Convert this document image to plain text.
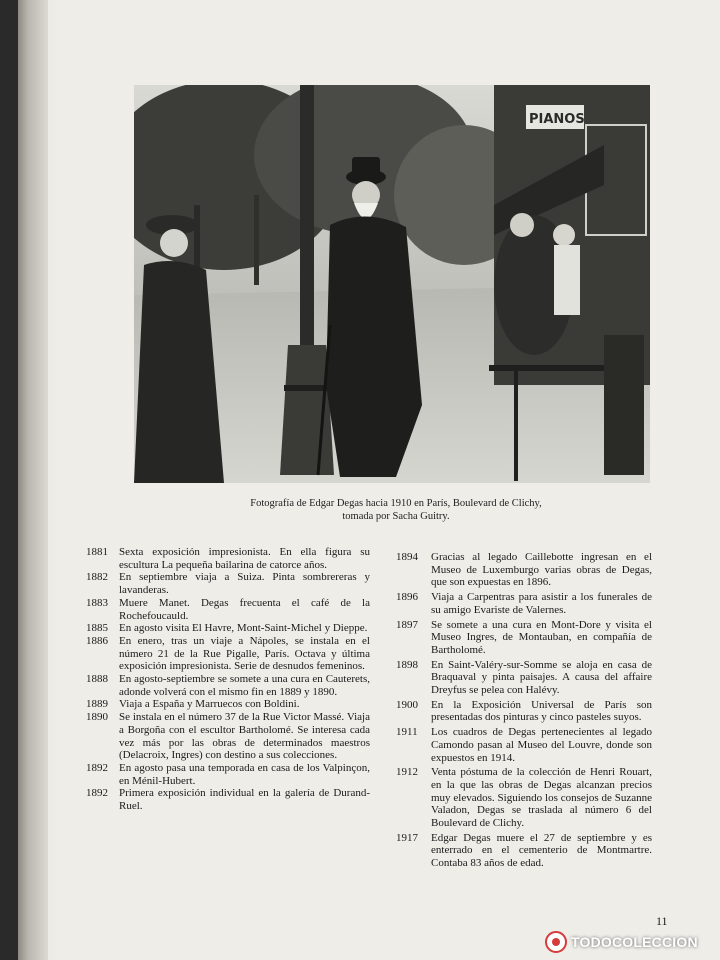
PIANOS
Fotografía de Edgar Degas hacia 1910 en París, Boulevard de Clichy,
tomada por Sacha Guitry.
1881 Sexta exposición impresionista. En ella figura su escultura La pequeña bailarina de catorce años.
1882 En septiembre viaja a Suiza. Pinta sombrereras y lavanderas.
1883 Muere Manet. Degas frecuenta el café de la Rochefoucauld.
1885 En agosto visita El Havre, Mont-Saint-Michel y Dieppe.
1886 En enero, tras un viaje a Nápoles, se instala en el número 21 de la Rue Pigalle, París. Octava y última exposición impresionista. Serie de desnudos femeninos.
1888 En agosto-septiembre se somete a una cura en Cauterets, adonde volverá con el mismo fin en 1889 y 1890.
1889 Viaja a España y Marruecos con Boldini.
1890 Se instala en el número 37 de la Rue Victor Massé. Viaja a Borgoña con el escultor Bartholomé. Se interesa cada vez más por las obras de determinados maestros (Delacroix, Ingres) con destino a sus colecciones.
1892 En agosto pasa una temporada en casa de los Valpinçon, en Ménil-Hubert.
1892 Primera exposición individual en la galería de Durand-Ruel.
1894 Gracias al legado Caillebotte ingresan en el Museo de Luxemburgo varias obras de Degas, que son expuestas en 1896.
1896 Viaja a Carpentras para asistir a los funerales de su amigo Evariste de Valernes.
1897 Se somete a una cura en Mont-Dore y visita el Museo Ingres, de Montauban, en compañía de Bartholomé.
1898 En Saint-Valéry-sur-Somme se aloja en casa de Braquaval y pinta paisajes. A causa del affaire Dreyfus se pelea con Halévy.
1900 En la Exposición Universal de París son presentadas dos pinturas y cinco pasteles suyos.
1911 Los cuadros de Degas pertenecientes al legado Camondo pasan al Museo del Louvre, donde son expuestos en 1914.
1912 Venta póstuma de la colección de Henri Rouart, en la que las obras de Degas alcanzan precios muy elevados. Siguiendo los consejos de Suzanne Valadon, Degas se traslada al número 6 del Boulevard de Clichy.
1917 Edgar Degas muere el 27 de septiembre y es enterrado en el cementerio de Montmartre. Contaba 83 años de edad.
11
TODOCOLECCION
